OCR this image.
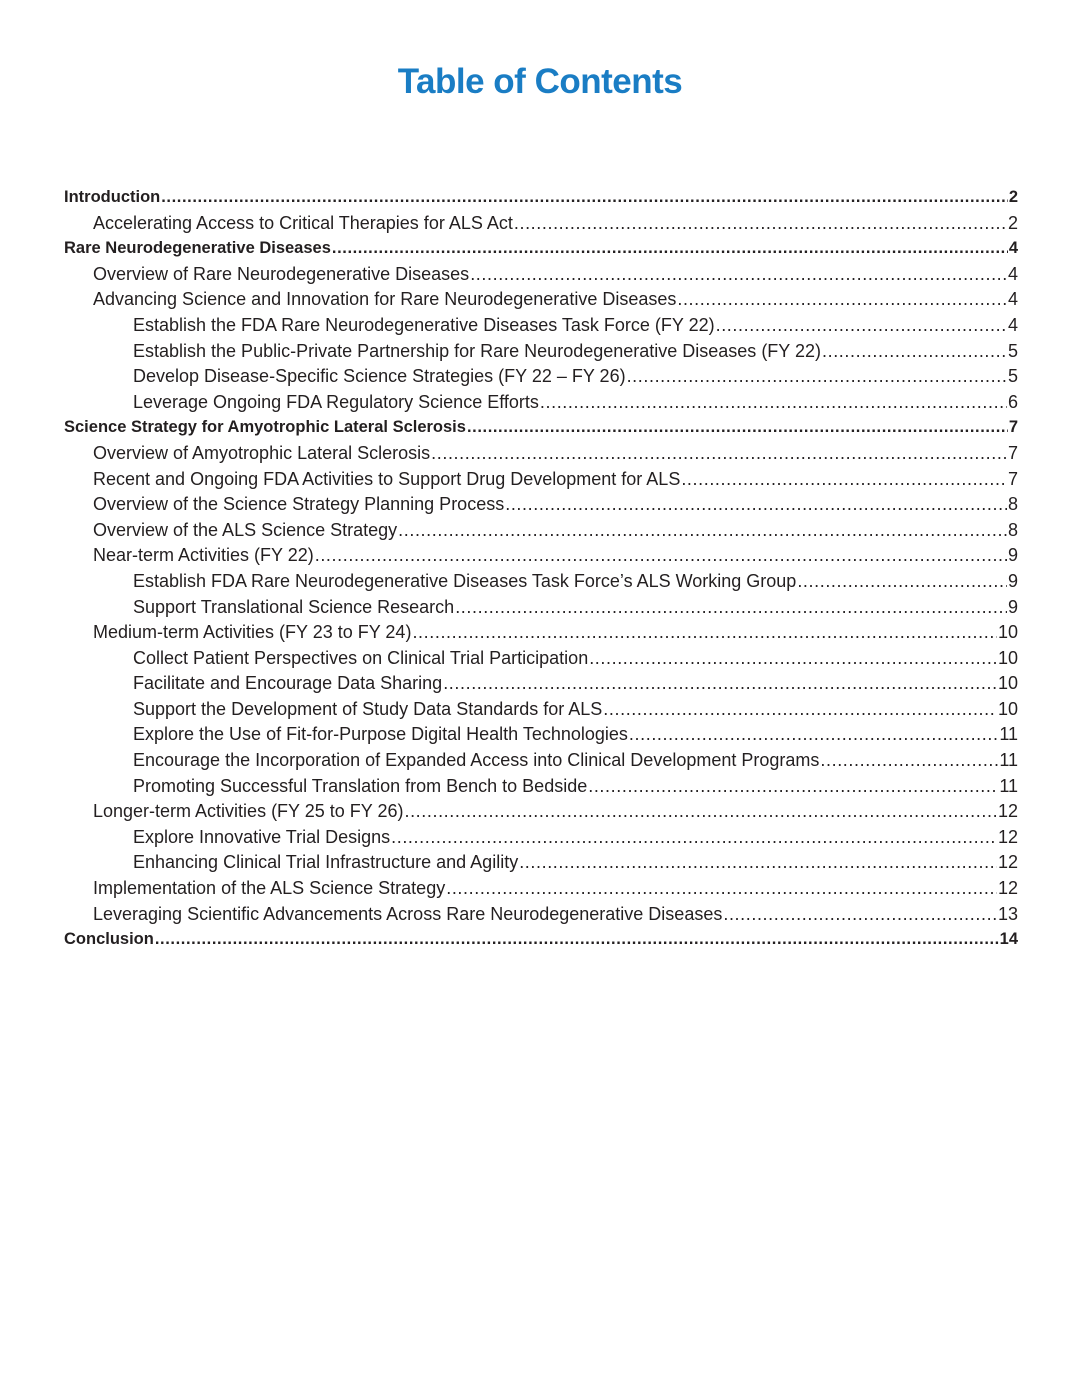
Table of Contents
Introduction .....	2
Accelerating Access to Critical Therapies for ALS Act .....	2
Rare Neurodegenerative Diseases .....	4
Overview of Rare Neurodegenerative Diseases .....	4
Advancing Science and Innovation for Rare Neurodegenerative Diseases .....	4
Establish the FDA Rare Neurodegenerative Diseases Task Force (FY 22) .....	4
Establish the Public-Private Partnership for Rare Neurodegenerative Diseases (FY 22) .....	5
Develop Disease-Specific Science Strategies (FY 22 – FY 26) .....	5
Leverage Ongoing FDA Regulatory Science Efforts .....	6
Science Strategy for Amyotrophic Lateral Sclerosis .....	7
Overview of Amyotrophic Lateral Sclerosis .....	7
Recent and Ongoing FDA Activities to Support Drug Development for ALS .....	7
Overview of the Science Strategy Planning Process .....	8
Overview of the ALS Science Strategy .....	8
Near-term Activities (FY 22) .....	9
Establish FDA Rare Neurodegenerative Diseases Task Force’s ALS Working Group .....	9
Support Translational Science Research .....	9
Medium-term Activities (FY 23 to FY 24) .....	10
Collect Patient Perspectives on Clinical Trial Participation .....	10
Facilitate and Encourage Data Sharing .....	10
Support the Development of Study Data Standards for ALS .....	10
Explore the Use of Fit-for-Purpose Digital Health Technologies .....	11
Encourage the Incorporation of Expanded Access into Clinical Development Programs .....	11
Promoting Successful Translation from Bench to Bedside .....	11
Longer-term Activities (FY 25 to FY 26) .....	12
Explore Innovative Trial Designs .....	12
Enhancing Clinical Trial Infrastructure and Agility .....	12
Implementation of the ALS Science Strategy .....	12
Leveraging Scientific Advancements Across Rare Neurodegenerative Diseases .....	13
Conclusion .....	14
